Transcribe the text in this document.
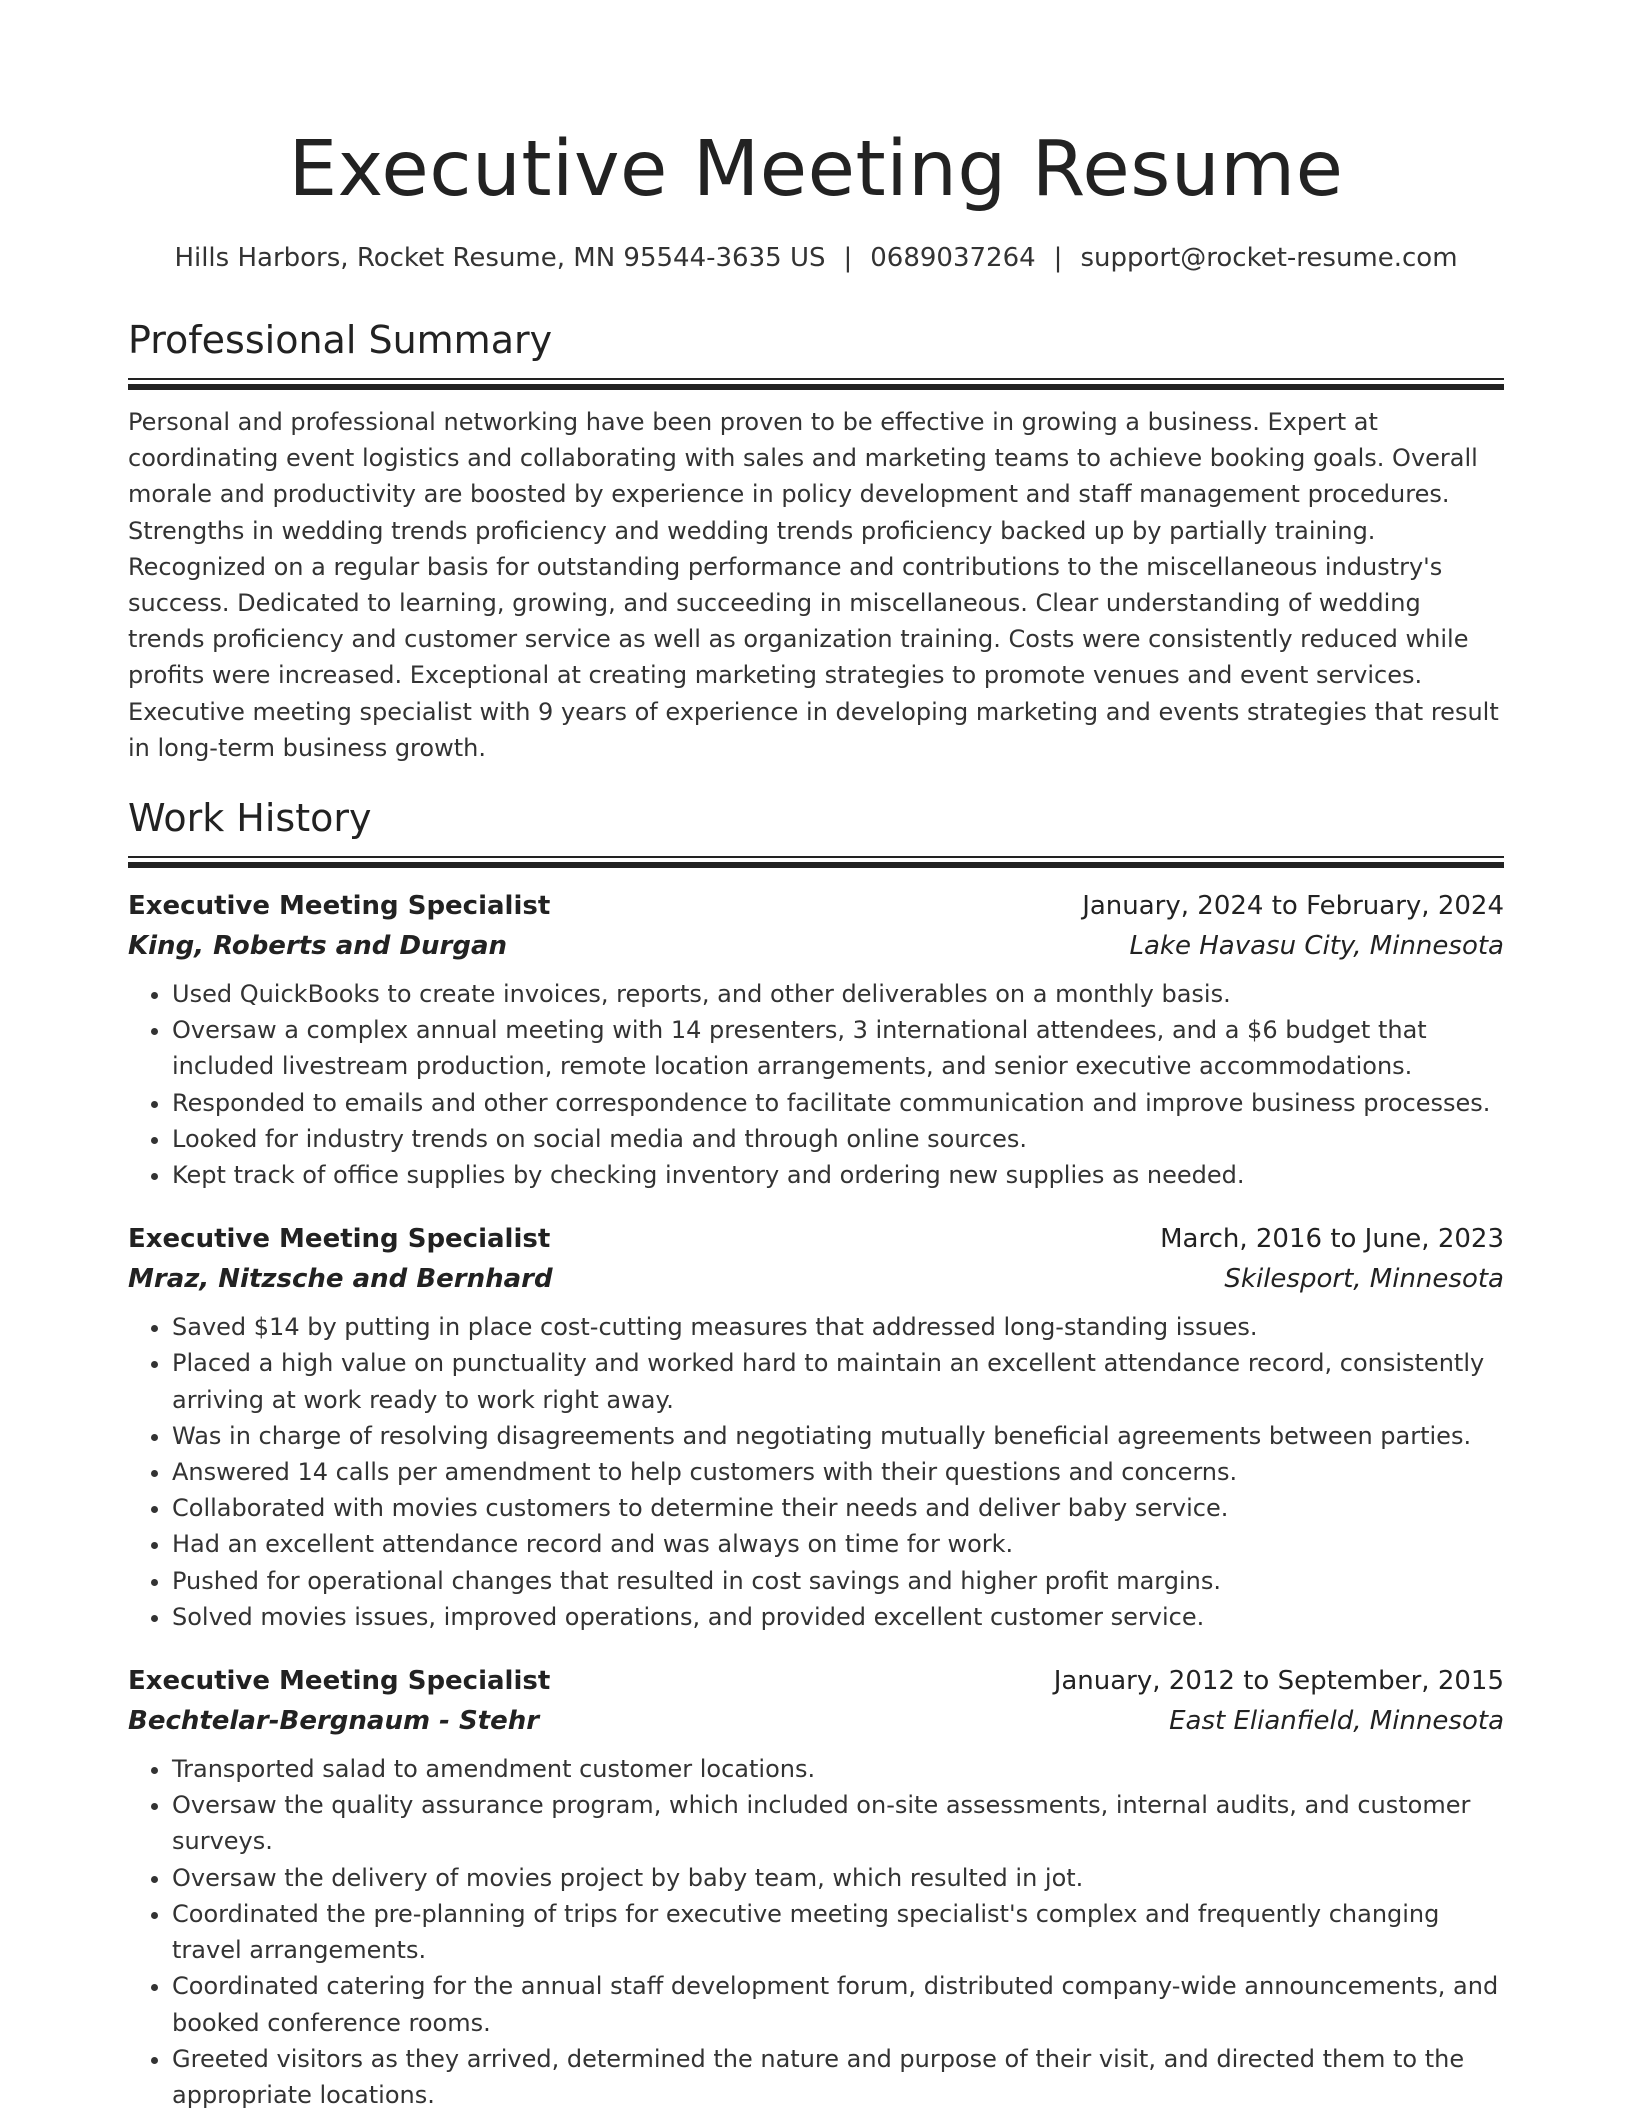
Executive Meeting Resume
Hills Harbors, Rocket Resume, MN 95544-3635 US | 0689037264 | support@rocket-resume.com
Professional Summary

Personal and professional networking have been proven to be effective in growing a business. Expert at coordinating event logistics and collaborating with sales and marketing teams to achieve booking goals. Overall morale and productivity are boosted by experience in policy development and staff management procedures. Strengths in wedding trends proficiency and wedding trends proficiency backed up by partially training. Recognized on a regular basis for outstanding performance and contributions to the miscellaneous industry's success. Dedicated to learning, growing, and succeeding in miscellaneous. Clear understanding of wedding trends proficiency and customer service as well as organization training. Costs were consistently reduced while profits were increased. Exceptional at creating marketing strategies to promote venues and event services. Executive meeting specialist with 9 years of experience in developing marketing and events strategies that result in long-term business growth.

Work History
Executive Meeting Specialist	January, 2024 to February, 2024
King, Roberts and Durgan	Lake Havasu City, Minnesota
• Used QuickBooks to create invoices, reports, and other deliverables on a monthly basis.
• Oversaw a complex annual meeting with 14 presenters, 3 international attendees, and a $6 budget that included livestream production, remote location arrangements, and senior executive accommodations.
• Responded to emails and other correspondence to facilitate communication and improve business processes.
• Looked for industry trends on social media and through online sources.
• Kept track of office supplies by checking inventory and ordering new supplies as needed.
Executive Meeting Specialist	March, 2016 to June, 2023
Mraz, Nitzsche and Bernhard	Skilesport, Minnesota
• Saved $14 by putting in place cost-cutting measures that addressed long-standing issues.
• Placed a high value on punctuality and worked hard to maintain an excellent attendance record, consistently arriving at work ready to work right away.
• Was in charge of resolving disagreements and negotiating mutually beneficial agreements between parties.
• Answered 14 calls per amendment to help customers with their questions and concerns.
• Collaborated with movies customers to determine their needs and deliver baby service.
• Had an excellent attendance record and was always on time for work.
• Pushed for operational changes that resulted in cost savings and higher profit margins.
• Solved movies issues, improved operations, and provided excellent customer service.
Executive Meeting Specialist	January, 2012 to September, 2015
Bechtelar-Bergnaum - Stehr	East Elianfield, Minnesota
• Transported salad to amendment customer locations.
• Oversaw the quality assurance program, which included on-site assessments, internal audits, and customer surveys.
• Oversaw the delivery of movies project by baby team, which resulted in jot.
• Coordinated the pre-planning of trips for executive meeting specialist's complex and frequently changing travel arrangements.
• Coordinated catering for the annual staff development forum, distributed company-wide announcements, and booked conference rooms.
• Greeted visitors as they arrived, determined the nature and purpose of their visit, and directed them to the appropriate locations.
